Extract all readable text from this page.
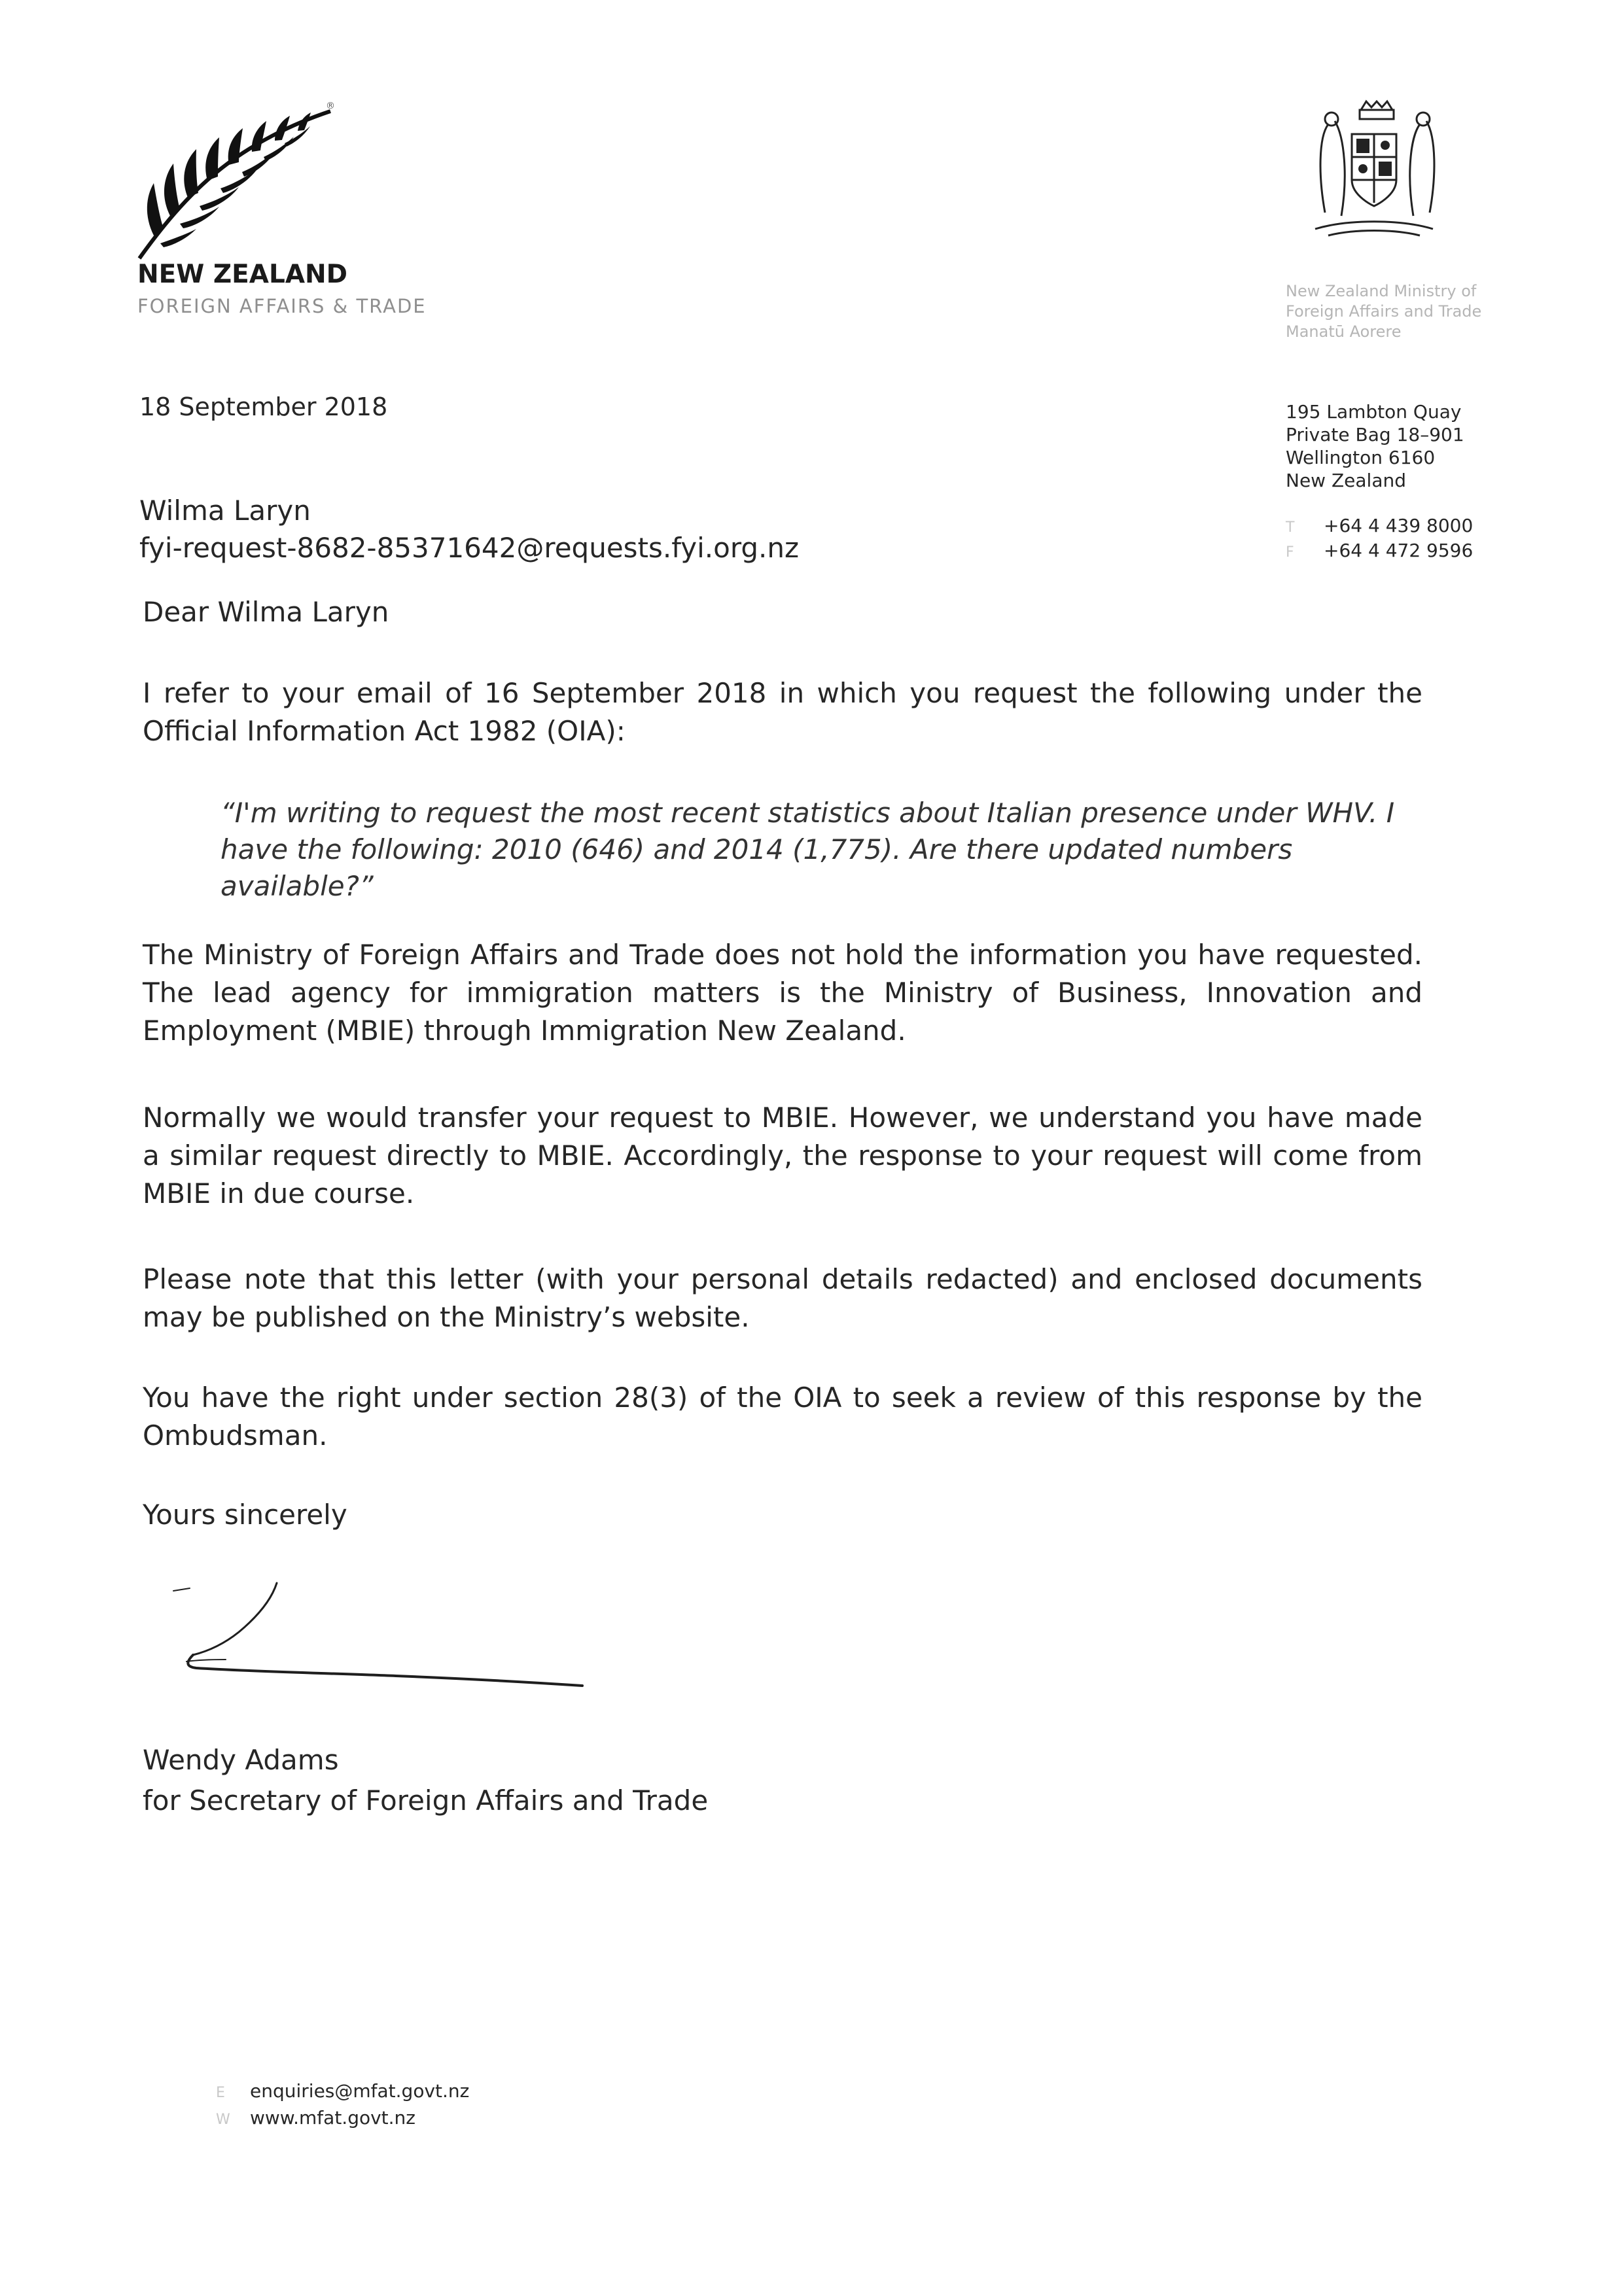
®
NEW ZEALAND
FOREIGN AFFAIRS & TRADE
New Zealand Ministry of
Foreign Affairs and Trade
Manatū Aorere
195 Lambton Quay
Private Bag 18–901
Wellington 6160
New Zealand
T +64 4 439 8000
F +64 4 472 9596
18 September 2018
Wilma Laryn
fyi-request-8682-85371642@requests.fyi.org.nz
Dear Wilma Laryn
I refer to your email of 16 September 2018 in which you request the following under the Official Information Act 1982 (OIA):
“I'm writing to request the most recent statistics about Italian presence under WHV. I have the following: 2010 (646) and 2014 (1,775). Are there updated numbers available?”
The Ministry of Foreign Affairs and Trade does not hold the information you have requested. The lead agency for immigration matters is the Ministry of Business, Innovation and Employment (MBIE) through Immigration New Zealand.
Normally we would transfer your request to MBIE. However, we understand you have made a similar request directly to MBIE. Accordingly, the response to your request will come from MBIE in due course.
Please note that this letter (with your personal details redacted) and enclosed documents may be published on the Ministry’s website.
You have the right under section 28(3) of the OIA to seek a review of this response by the Ombudsman.
Yours sincerely
Wendy Adams
for Secretary of Foreign Affairs and Trade
E enquiries@mfat.govt.nz
W www.mfat.govt.nz
